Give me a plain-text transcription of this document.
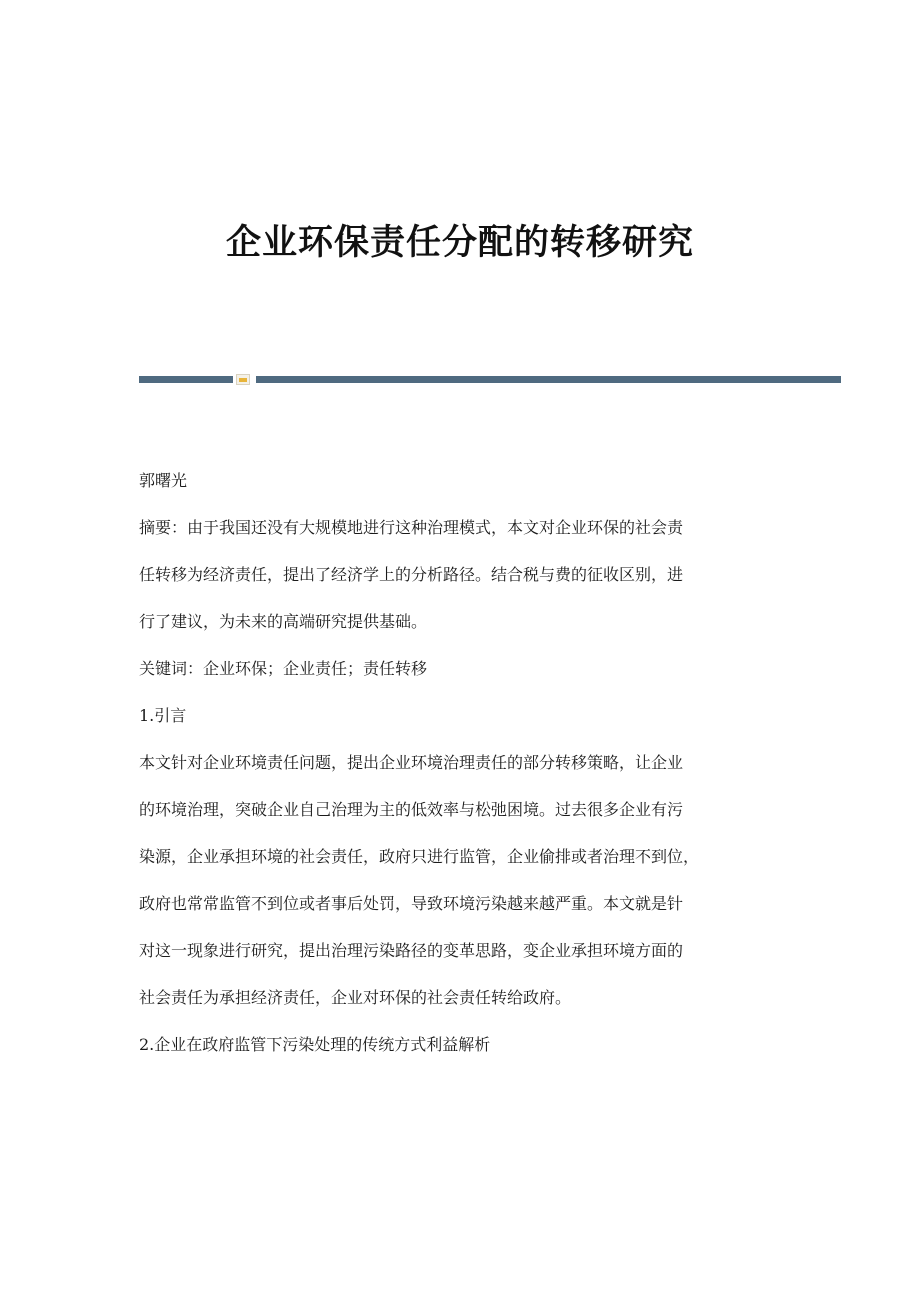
企业环保责任分配的转移研究

郭曙光

摘要：由于我国还没有大规模地进行这种治理模式，本文对企业环保的社会责

任转移为经济责任，提出了经济学上的分析路径。结合税与费的征收区别，进

行了建议，为未来的高端研究提供基础。

关键词：企业环保；企业责任；责任转移

1.引言

本文针对企业环境责任问题，提出企业环境治理责任的部分转移策略，让企业

的环境治理，突破企业自己治理为主的低效率与松弛困境。过去很多企业有污

染源，企业承担环境的社会责任，政府只进行监管，企业偷排或者治理不到位，

政府也常常监管不到位或者事后处罚，导致环境污染越来越严重。本文就是针

对这一现象进行研究，提出治理污染路径的变革思路，变企业承担环境方面的

社会责任为承担经济责任，企业对环保的社会责任转给政府。

2.企业在政府监管下污染处理的传统方式利益解析
